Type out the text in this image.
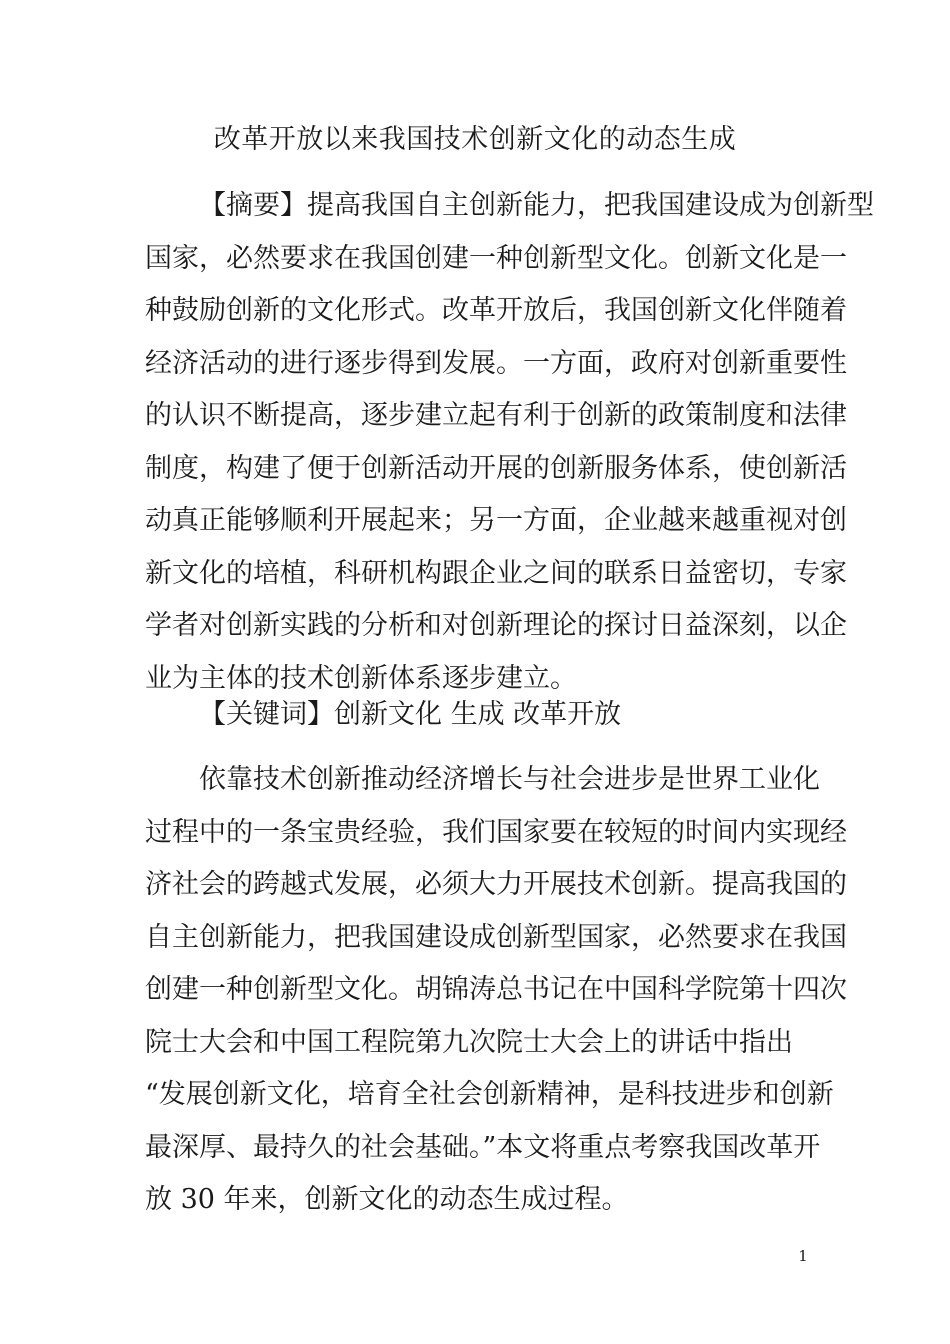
改革开放以来我国技术创新文化的动态生成
【摘要】提高我国自主创新能力，把我国建设成为创新型
国家，必然要求在我国创建一种创新型文化。创新文化是一
种鼓励创新的文化形式。改革开放后，我国创新文化伴随着
经济活动的进行逐步得到发展。一方面，政府对创新重要性
的认识不断提高，逐步建立起有利于创新的政策制度和法律
制度，构建了便于创新活动开展的创新服务体系，使创新活
动真正能够顺利开展起来；另一方面，企业越来越重视对创
新文化的培植，科研机构跟企业之间的联系日益密切，专家
学者对创新实践的分析和对创新理论的探讨日益深刻，以企
业为主体的技术创新体系逐步建立。
【关键词】创新文化 生成 改革开放
依靠技术创新推动经济增长与社会进步是世界工业化
过程中的一条宝贵经验，我们国家要在较短的时间内实现经
济社会的跨越式发展，必须大力开展技术创新。提高我国的
自主创新能力，把我国建设成创新型国家，必然要求在我国
创建一种创新型文化。胡锦涛总书记在中国科学院第十四次
院士大会和中国工程院第九次院士大会上的讲话中指出
“发展创新文化，培育全社会创新精神，是科技进步和创新
最深厚、最持久的社会基础。”本文将重点考察我国改革开
放 30 年来，创新文化的动态生成过程。
1
